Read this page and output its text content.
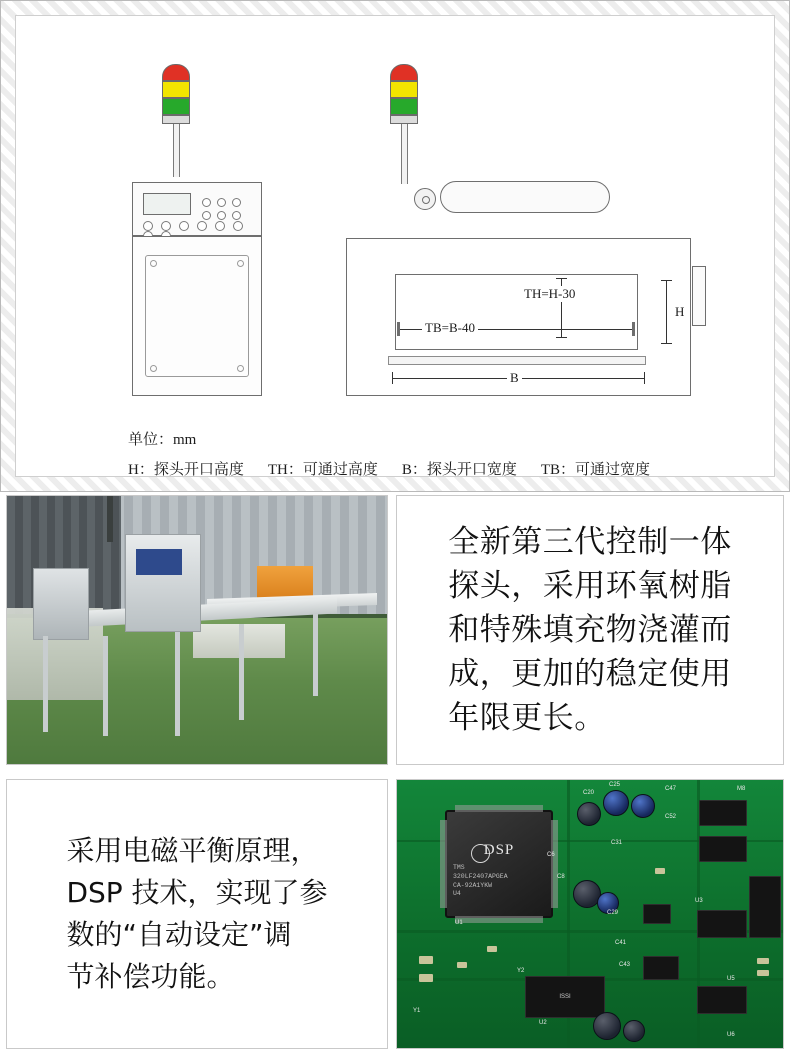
TH=H-30
TB=B-40
H
B
单位：mm
H：探头开口高度 TH：可通过高度 B：探头开口宽度 TB：可通过宽度
全新第三代控制一体
探头，采用环氧树脂
和特殊填充物浇灌而
成，更加的稳定使用
年限更长。
采用电磁平衡原理，
DSP 技术，实现了参
数的“自动设定”调
节补偿功能。
DSP
TMS
320LF2407APGEA
CA-92A1YKW
U4
U1
ISSI
U2
C20
C25
C8
C6
C29
C47
C52
C31
C41
C43
Y2
Y1
M8
U6
U3
U5
